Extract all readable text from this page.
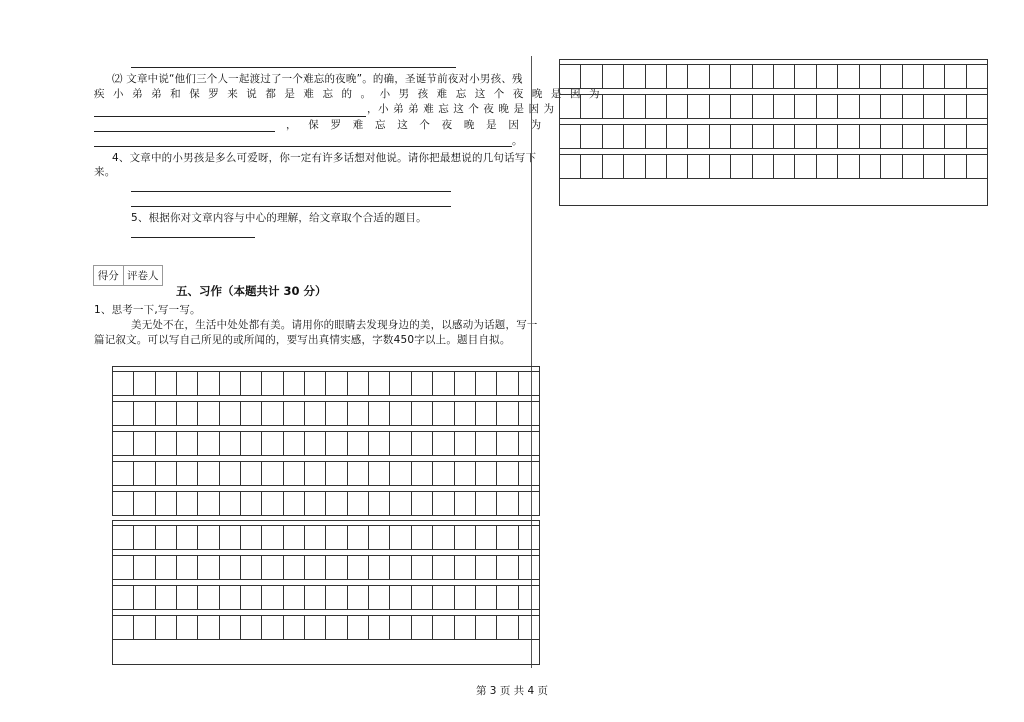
⑵ 文章中说“他们三个人一起渡过了一个难忘的夜晚”。的确，圣诞节前夜对小男孩、残
疾 小 弟 弟 和 保 罗 来 说 都 是 难 忘 的 。 小 男 孩 难 忘 这 个 夜 晚 是 因 为
，小 弟 弟 难 忘 这 个 夜 晚 是 因 为
， 保 罗 难 忘 这 个 夜 晚 是 因 为
。
4、文章中的小男孩是多么可爱呀，你一定有许多话想对他说。请你把最想说的几句话写下
来。
5、根据你对文章内容与中心的理解，给文章取个合适的题目。
得分 评卷人
五、习作（本题共计 30 分）
1、思考一下,写一写。
美无处不在，生活中处处都有美。请用你的眼睛去发现身边的美，以感动为话题，写一
篇记叙文。可以写自己所见的或所闻的，要写出真情实感，字数450字以上。题目自拟。
第 3 页 共 4 页
